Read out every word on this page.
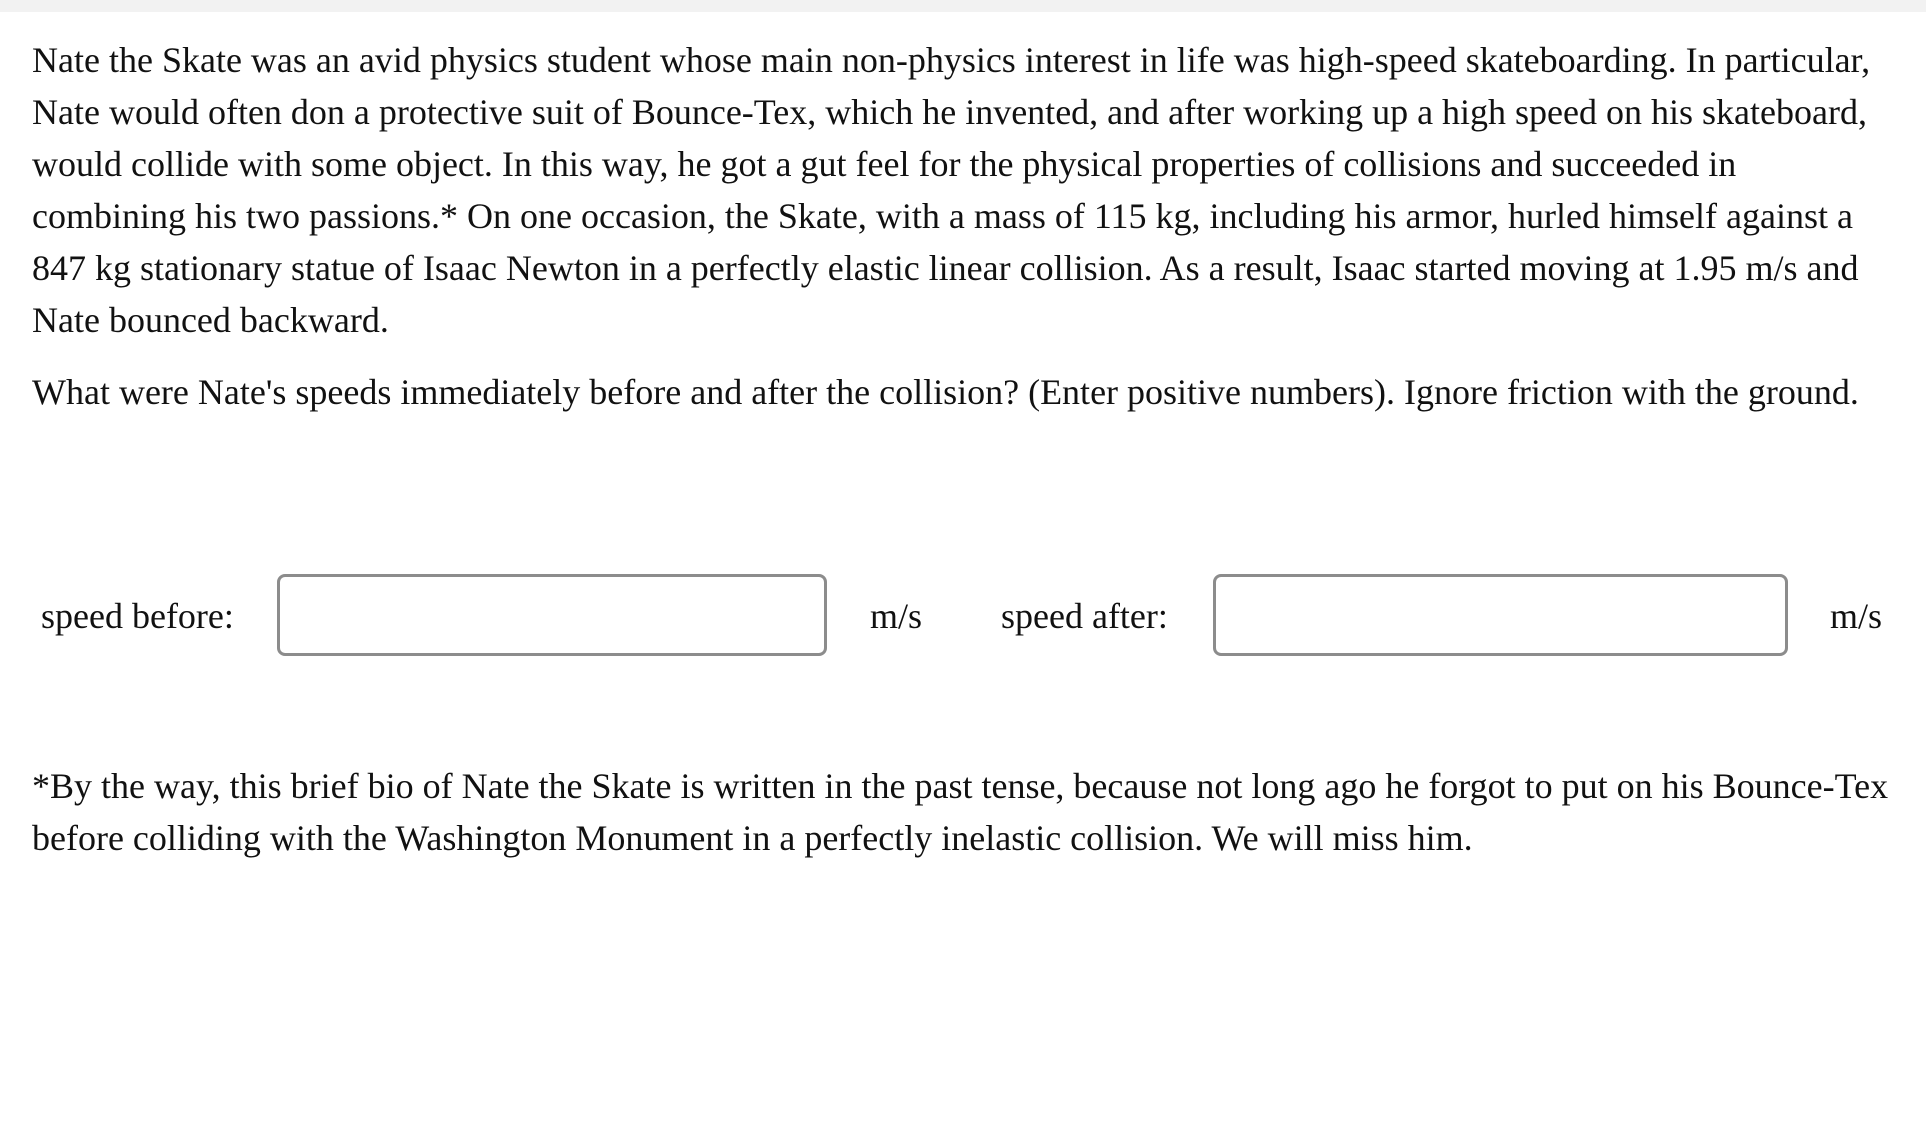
Nate the Skate was an avid physics student whose main non-physics interest in life was high-speed skateboarding. In particular, Nate would often don a protective suit of Bounce-Tex, which he invented, and after working up a high speed on his skateboard, would collide with some object. In this way, he got a gut feel for the physical properties of collisions and succeeded in combining his two passions.* On one occasion, the Skate, with a mass of 115 kg, including his armor, hurled himself against a 847 kg stationary statue of Isaac Newton in a perfectly elastic linear collision. As a result, Isaac started moving at 1.95 m/s and Nate bounced backward.

What were Nate's speeds immediately before and after the collision? (Enter positive numbers). Ignore friction with the ground.

speed before:	m/s speed after:	m/s

*By the way, this brief bio of Nate the Skate is written in the past tense, because not long ago he forgot to put on his Bounce-Tex before colliding with the Washington Monument in a perfectly inelastic collision. We will miss him.
